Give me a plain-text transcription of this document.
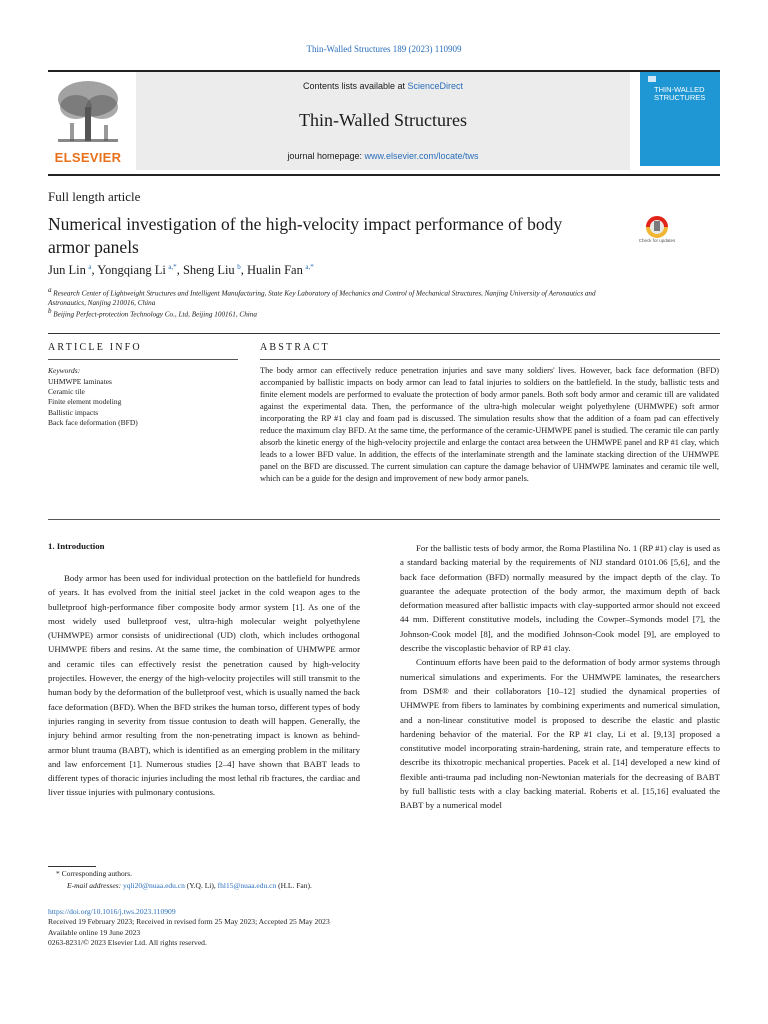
Thin-Walled Structures 189 (2023) 110909
ELSEVIER
Contents lists available at ScienceDirect
Thin-Walled Structures
journal homepage: www.elsevier.com/locate/tws
THIN-WALLED STRUCTURES
Full length article
Numerical investigation of the high-velocity impact performance of body armor panels	Check for updates
Jun Lin  $^a$, Yongqiang Li  $^{a,*}$, Sheng Liu  $^b$, Hualin Fan  $^{a,*}$
$^a$ Research Center of Lightweight Structures and Intelligent Manufacturing, State Key Laboratory of Mechanics and Control of Mechanical Structures, Nanjing University of Aeronautics and Astronautics, Nanjing 210016, China
$^b$ Beijing Perfect-protection Technology Co., Ltd, Beijing 100161, China
ARTICLE INFO	ABSTRACT
Keywords:
UHMWPE laminates
Ceramic tile
Finite element modeling
Ballistic impacts
Back face deformation (BFD)
The body armor can effectively reduce penetration injuries and save many soldiers' lives. However, back face deformation (BFD) accompanied by ballistic impacts on body armor can lead to fatal injuries to soldiers on the battlefield. In the study, ballistic tests and finite element models are performed to evaluate the protection of body armor panels. Both soft body armor and ceramic till are validated against the experimental data. Then, the performance of the ultra-high molecular weight polyethylene (UHMWPE) soft armor incorporating the RP #1 clay and foam pad is discussed. The simulation results show that the addition of a foam pad can effectively reduce the maximum clay BFD. At the same time, the performance of the ceramic-UHMWPE panel is studied. The ceramic tile can partly absorb the kinetic energy of the high-velocity projectile and enlarge the contact area between the UHMWPE panel and RP #1 clay, which leads to a lower BFD value. In addition, the effects of the interlaminate strength and the laminate stacking direction of the UHMWPE panel on the BFD are discussed. The current simulation can capture the damage behavior of UHMWPE laminates and ceramic tile well, which can be a guide for the design and improvement of new body armor panels.
1. Introduction

Body armor has been used for individual protection on the battlefield for hundreds of years. It has evolved from the initial steel jacket in the cold weapon ages to the bulletproof high-performance fiber composite body armor system [1]. As one of the most widely used bulletproof vest, ultra-high molecular weight polyethylene (UHMWPE) armor consists of unidirectional (UD) cloth, which includes orthogonal UHMWPE fibers and resins. At the same time, the combination of UHMWPE armor and ceramic tiles can effectively resist the penetration caused by high-velocity projectiles. However, the energy of the high-velocity projectiles will still transmit to the human body by the deformation of the bulletproof vest, which is usually named the back face deformation (BFD). When the BFD strikes the human torso, different types of body injuries ranging in severity from tissue contusion to death will happen. Generally, the injury behind armor resulting from the non-penetrating impact is known as behind-armor blunt trauma (BABT), which is identified as an emerging problem in the military and law enforcement [1]. Numerous studies [2–4] have shown that BABT leads to different types of thoracic injuries including the most lethal rib fractures, the cardiac and liver tissue injuries with pulmonary contusions.

For the ballistic tests of body armor, the Roma Plastilina No. 1 (RP #1) clay is used as a standard backing material by the requirements of NIJ standard 0101.06 [5,6], and the back face deformation (BFD) normally measured by the impact depth of the clay. To guarantee the adequate protection of the body armor, the maximum depth of back deformation measured after ballistic impacts with clay-supported armor should not exceed 44 mm. Different constitutive models, including the Cowper–Symonds model [7], the Johnson-Cook model [8], and the modified Johnson-Cook model [9], are employed to describe the viscoplastic behavior of RP #1 clay.

Continuum efforts have been paid to the deformation of body armor systems through numerical simulations and experiments. For the UHMWPE laminates, the researchers from DSM® and their collaborators [10–12] studied the dynamical properties of UHMWPE from fibers to laminates by combining experiments and numerical simulation, and a non-linear constitutive model is proposed to describe the elastic and plastic hardening behavior of the material. For the RP #1 clay, Li et al. [9,13] proposed a constitutive model incorporating strain-hardening, strain rate, and temperature effects to describe its thixotropic mechanical properties. Pacek et al. [14] developed a new kind of flexible anti-trauma pad including non-Newtonian materials for the decreasing of BABT by full ballistic tests with a clay backing material. Roberts et al. [15,16] evaluated the BABT by a numerical model

* Corresponding authors.
E-mail addresses: yqli20@nuaa.edu.cn (Y.Q. Li), fhl15@nuaa.edu.cn (H.L. Fan).
https://doi.org/10.1016/j.tws.2023.110909
Received 19 February 2023; Received in revised form 25 May 2023; Accepted 25 May 2023
Available online 19 June 2023
0263-8231/© 2023 Elsevier Ltd. All rights reserved.
